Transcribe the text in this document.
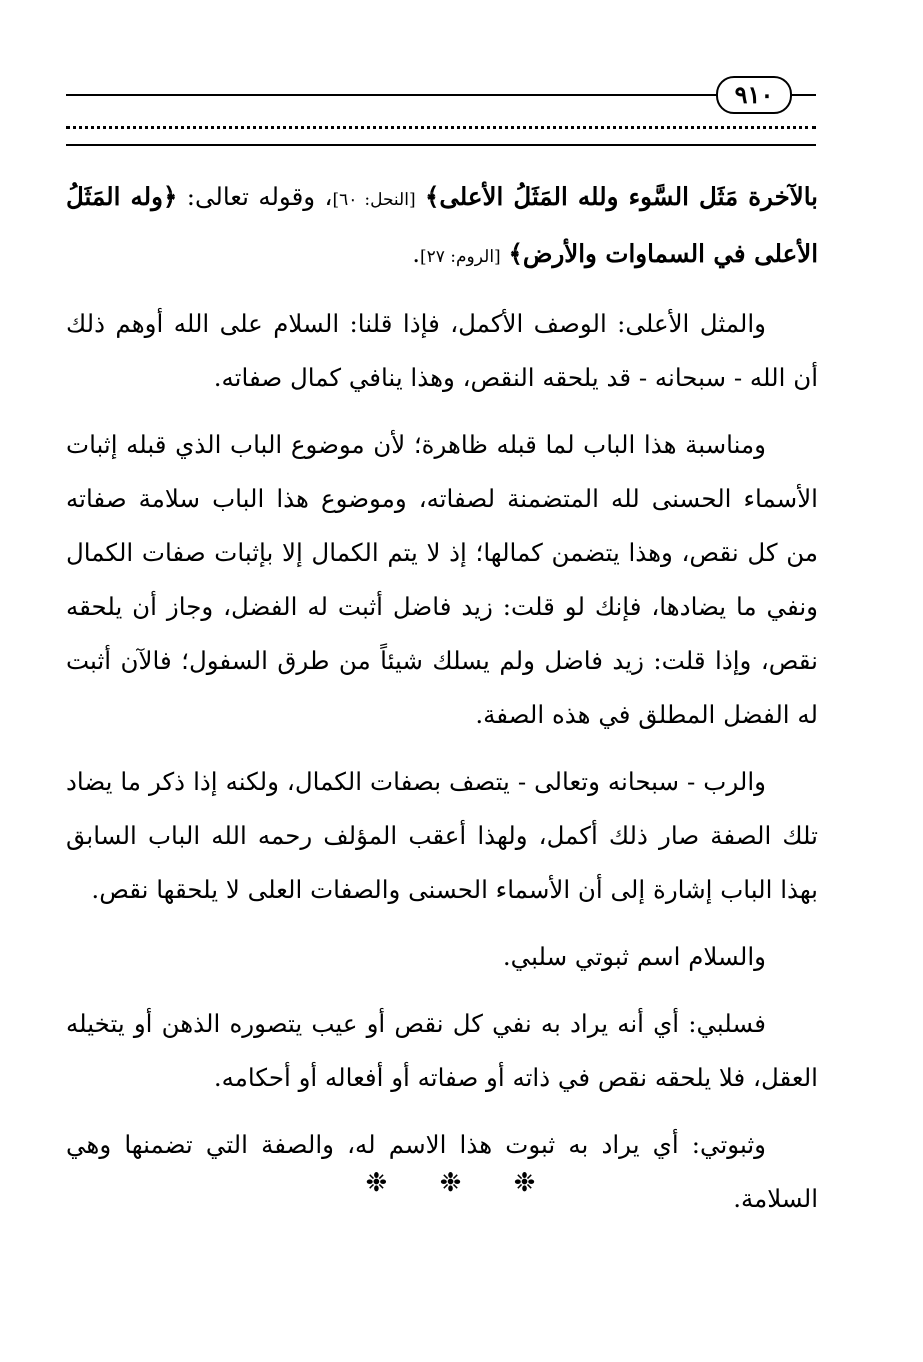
٩١٠

بالآخرة مَثَل السَّوء ولله المَثَلُ الأعلى﴾ [النحل: ٦٠]، وقوله تعالى: ﴿وله المَثَلُ الأعلى في السماوات والأرض﴾ [الروم: ٢٧].

والمثل الأعلى: الوصف الأكمل، فإذا قلنا: السلام على الله أوهم ذلك أن الله - سبحانه - قد يلحقه النقص، وهذا ينافي كمال صفاته.

ومناسبة هذا الباب لما قبله ظاهرة؛ لأن موضوع الباب الذي قبله إثبات الأسماء الحسنى لله المتضمنة لصفاته، وموضوع هذا الباب سلامة صفاته من كل نقص، وهذا يتضمن كمالها؛ إذ لا يتم الكمال إلا بإثبات صفات الكمال ونفي ما يضادها، فإنك لو قلت: زيد فاضل أثبت له الفضل، وجاز أن يلحقه نقص، وإذا قلت: زيد فاضل ولم يسلك شيئاً من طرق السفول؛ فالآن أثبت له الفضل المطلق في هذه الصفة.

والرب - سبحانه وتعالى - يتصف بصفات الكمال، ولكنه إذا ذكر ما يضاد تلك الصفة صار ذلك أكمل، ولهذا أعقب المؤلف رحمه الله الباب السابق بهذا الباب إشارة إلى أن الأسماء الحسنى والصفات العلى لا يلحقها نقص.

والسلام اسم ثبوتي سلبي.

فسلبي: أي أنه يراد به نفي كل نقص أو عيب يتصوره الذهن أو يتخيله العقل، فلا يلحقه نقص في ذاته أو صفاته أو أفعاله أو أحكامه.

وثبوتي: أي يراد به ثبوت هذا الاسم له، والصفة التي تضمنها وهي السلامة.

❉ ❉ ❉
